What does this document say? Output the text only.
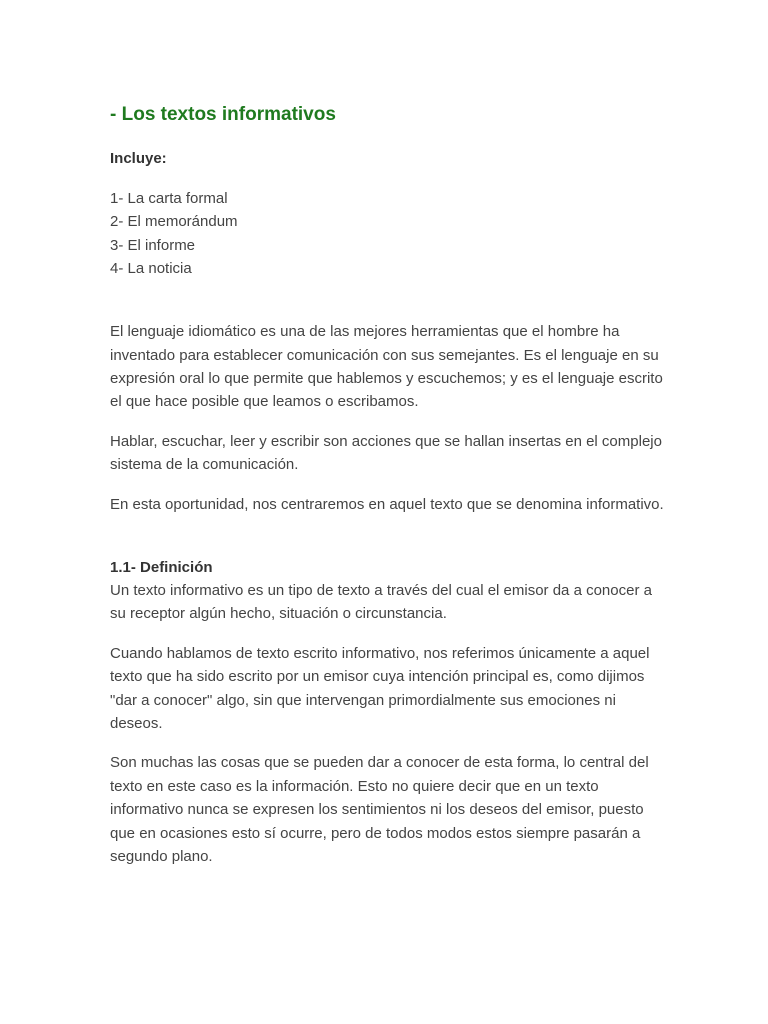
- Los textos informativos
Incluye:
1- La carta formal
2- El memorándum
3- El informe
4- La noticia

El lenguaje idiomático es una de las mejores herramientas que el hombre ha inventado para establecer comunicación con sus semejantes. Es el lenguaje en su expresión oral lo que permite que hablemos y escuchemos; y es el lenguaje escrito el que hace posible que leamos o escribamos.

Hablar, escuchar, leer y escribir son acciones que se hallan insertas en el complejo sistema de la comunicación.

En esta oportunidad, nos centraremos en aquel texto que se denomina informativo.

1.1- Definición

Un texto informativo es un tipo de texto a través del cual el emisor da a conocer a su receptor algún hecho, situación o circunstancia.

Cuando hablamos de texto escrito informativo, nos referimos únicamente a aquel texto que ha sido escrito por un emisor cuya intención principal es, como dijimos "dar a conocer" algo, sin que intervengan primordialmente sus emociones ni deseos.

Son muchas las cosas que se pueden dar a conocer de esta forma, lo central del texto en este caso es la información. Esto no quiere decir que en un texto informativo nunca se expresen los sentimientos ni los deseos del emisor, puesto que en ocasiones esto sí ocurre, pero de todos modos estos siempre pasarán a segundo plano.
